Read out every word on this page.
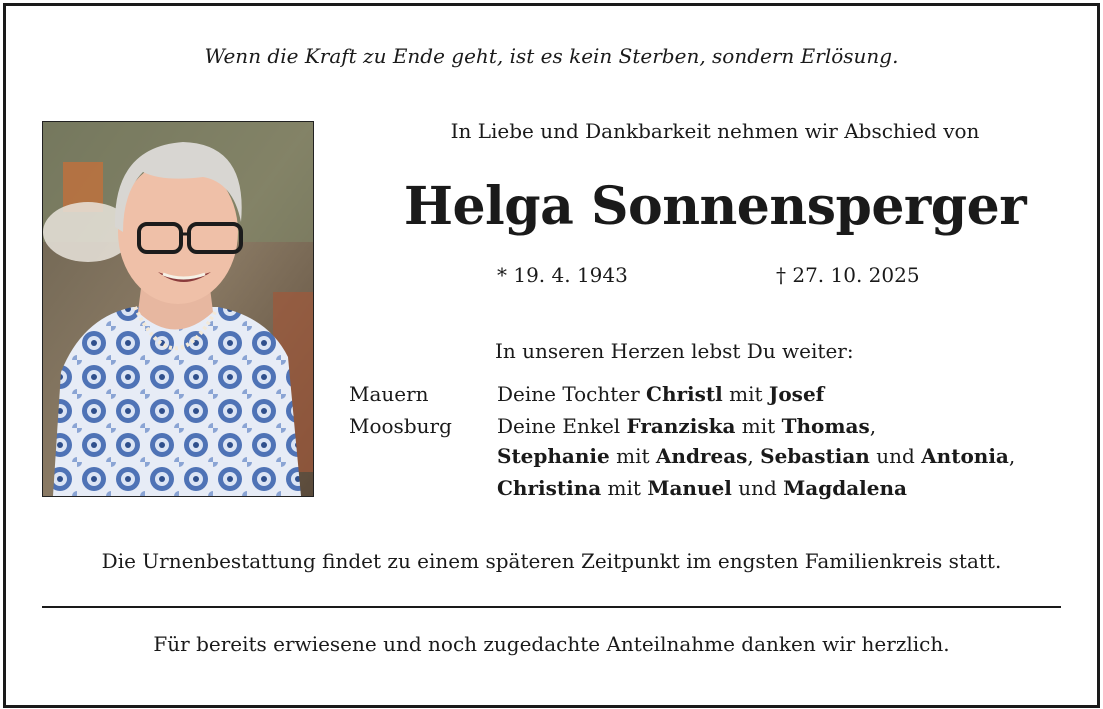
Wenn die Kraft zu Ende geht, ist es kein Sterben, sondern Erlösung.
In Liebe und Dankbarkeit nehmen wir Abschied von
Helga Sonnensperger
* 19. 4. 1943	† 27. 10. 2025
In unseren Herzen lebst Du weiter:
Mauern
Moosburg
Deine Tochter Christl mit Josef
Deine Enkel Franziska mit Thomas,
Stephanie mit Andreas, Sebastian und Antonia,
Christina mit Manuel und Magdalena
Die Urnenbestattung findet zu einem späteren Zeitpunkt im engsten Familienkreis statt.
Für bereits erwiesene und noch zugedachte Anteilnahme danken wir herzlich.
